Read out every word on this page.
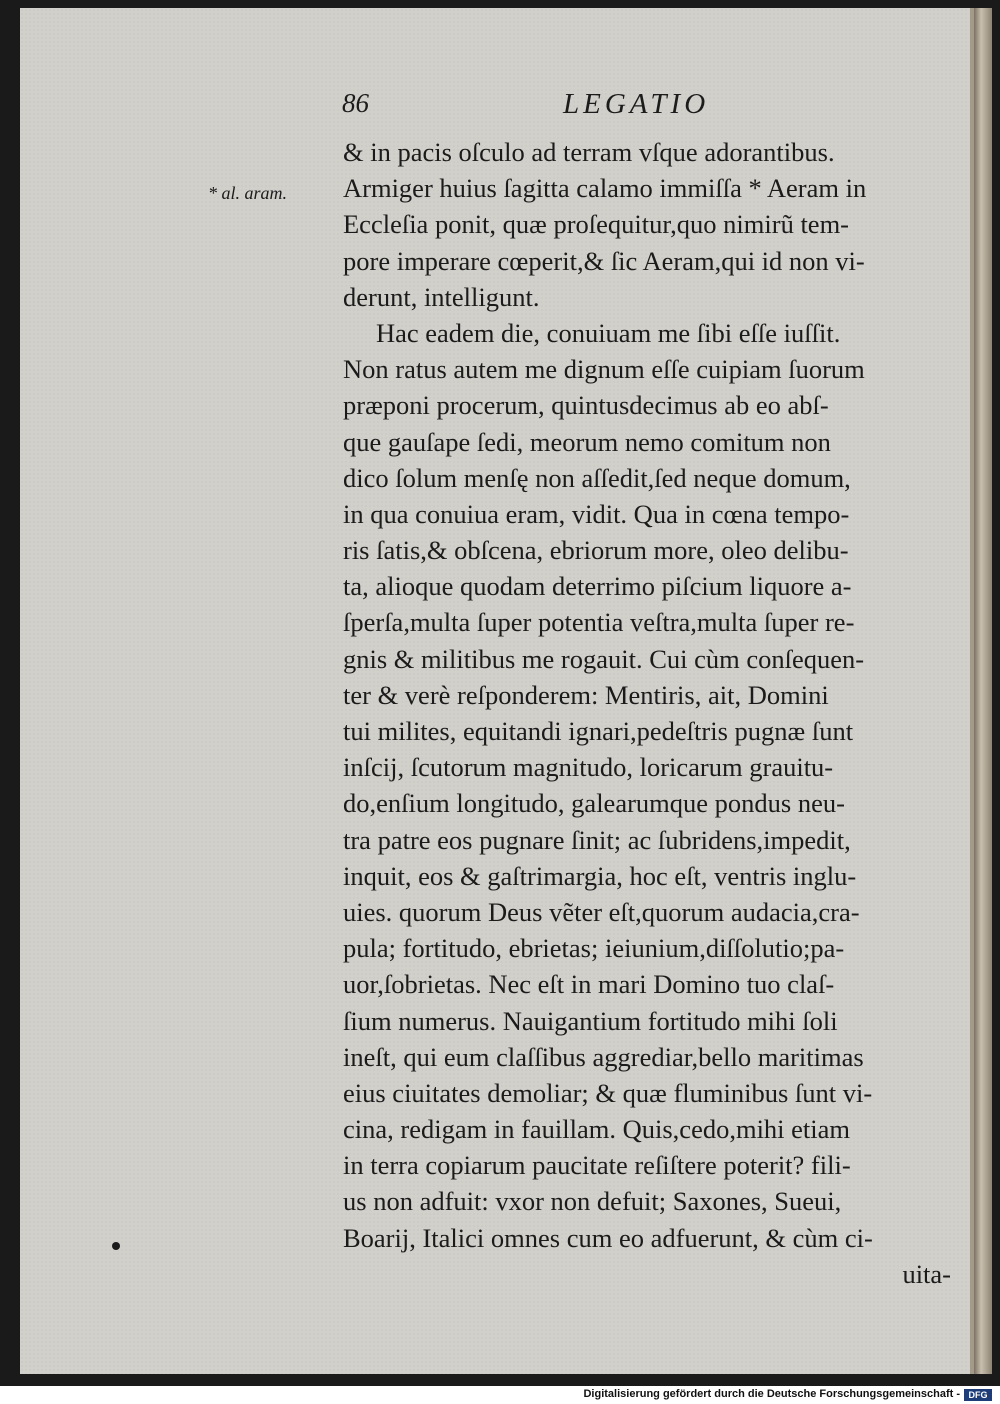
86	LEGATIO
* al. aram.
& in pacis oſculo ad terram vſque adorantibus.
Armiger huius ſagitta calamo immiſſa * Aeram in
Eccleſia ponit, quæ proſequitur,quo nimirũ tem-
pore imperare cœperit,& ſic Aeram,qui id non vi-
derunt, intelligunt.
Hac eadem die, conuiuam me ſibi eſſe iuſſit.
Non ratus autem me dignum eſſe cuipiam ſuorum
præponi procerum, quintusdecimus ab eo abſ-
que gauſape ſedi, meorum nemo comitum non
dico ſolum menſę non aſſedit,ſed neque domum,
in qua conuiua eram, vidit. Qua in cœna tempo-
ris ſatis,& obſcena, ebriorum more, oleo delibu-
ta, alioque quodam deterrimo piſcium liquore a-
ſperſa,multa ſuper potentia veſtra,multa ſuper re-
gnis & militibus me rogauit. Cui cùm conſequen-
ter & verè reſponderem: Mentiris, ait, Domini
tui milites, equitandi ignari,pedeſtris pugnæ ſunt
inſcij, ſcutorum magnitudo, loricarum grauitu-
do,enſium longitudo, galearumque pondus neu-
tra patre eos pugnare ſinit; ac ſubridens,impedit,
inquit, eos & gaſtrimargia, hoc eſt, ventris inglu-
uies. quorum Deus vẽter eſt,quorum audacia,cra-
pula; fortitudo, ebrietas; ieiunium,diſſolutio;pa-
uor,ſobrietas. Nec eſt in mari Domino tuo claſ-
ſium numerus. Nauigantium fortitudo mihi ſoli
ineſt, qui eum claſſibus aggrediar,bello maritimas
eius ciuitates demoliar; & quæ fluminibus ſunt vi-
cina, redigam in fauillam. Quis,cedo,mihi etiam
in terra copiarum paucitate reſiſtere poterit? fili-
us non adfuit: vxor non defuit; Saxones, Sueui,
Boarij, Italici omnes cum eo adfuerunt, & cùm ci-
uita-
Digitalisierung gefördert durch die Deutsche Forschungsgemeinschaft - DFG
